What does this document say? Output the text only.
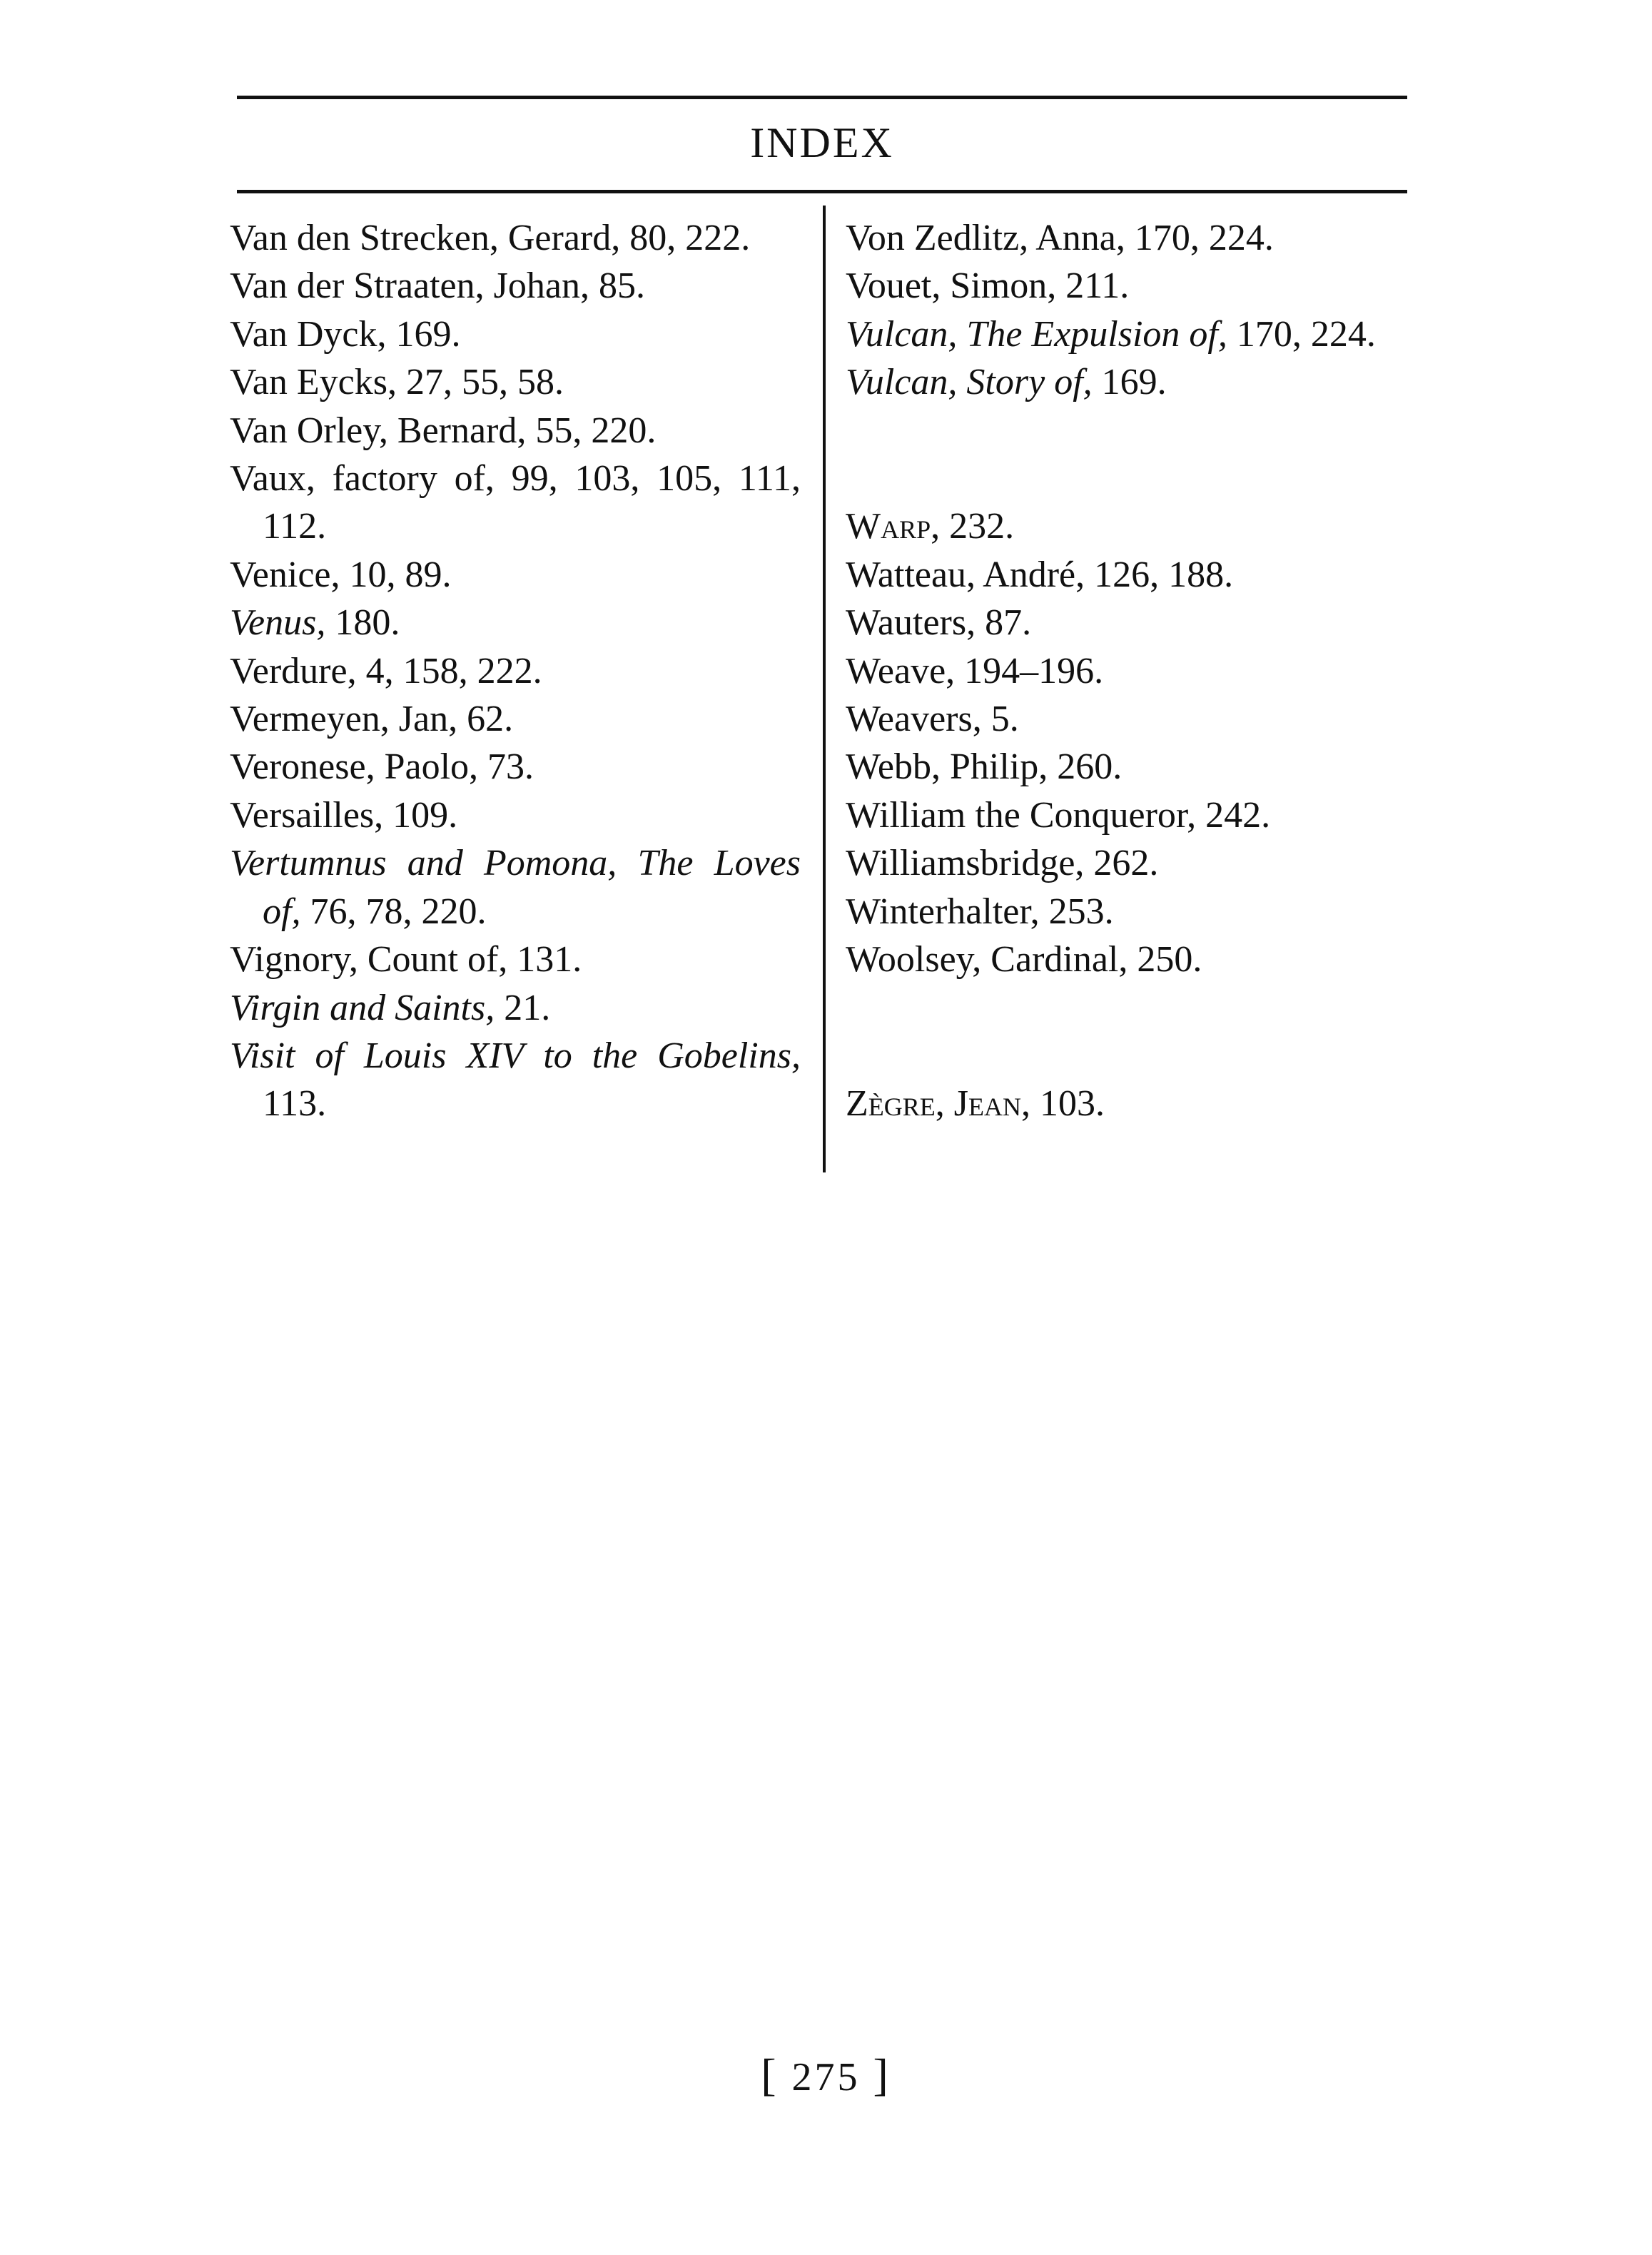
INDEX
Van den Strecken, Gerard, 80, 222.
Van der Straaten, Johan, 85.
Van Dyck, 169.
Van Eycks, 27, 55, 58.
Van Orley, Bernard, 55, 220.
Vaux, factory of, 99, 103, 105, 111, 112.
Venice, 10, 89.
Venus, 180.
Verdure, 4, 158, 222.
Vermeyen, Jan, 62.
Veronese, Paolo, 73.
Versailles, 109.
Vertumnus and Pomona, The Loves of, 76, 78, 220.
Vignory, Count of, 131.
Virgin and Saints, 21.
Visit of Louis XIV to the Gobelins, 113.
Von Zedlitz, Anna, 170, 224.
Vouet, Simon, 211.
Vulcan, The Expulsion of, 170, 224.
Vulcan, Story of, 169.
Warp, 232.
Watteau, André, 126, 188.
Wauters, 87.
Weave, 194–196.
Weavers, 5.
Webb, Philip, 260.
William the Conqueror, 242.
Williamsbridge, 262.
Winterhalter, 253.
Woolsey, Cardinal, 250.
Zègre, Jean, 103.
[ 275 ]
